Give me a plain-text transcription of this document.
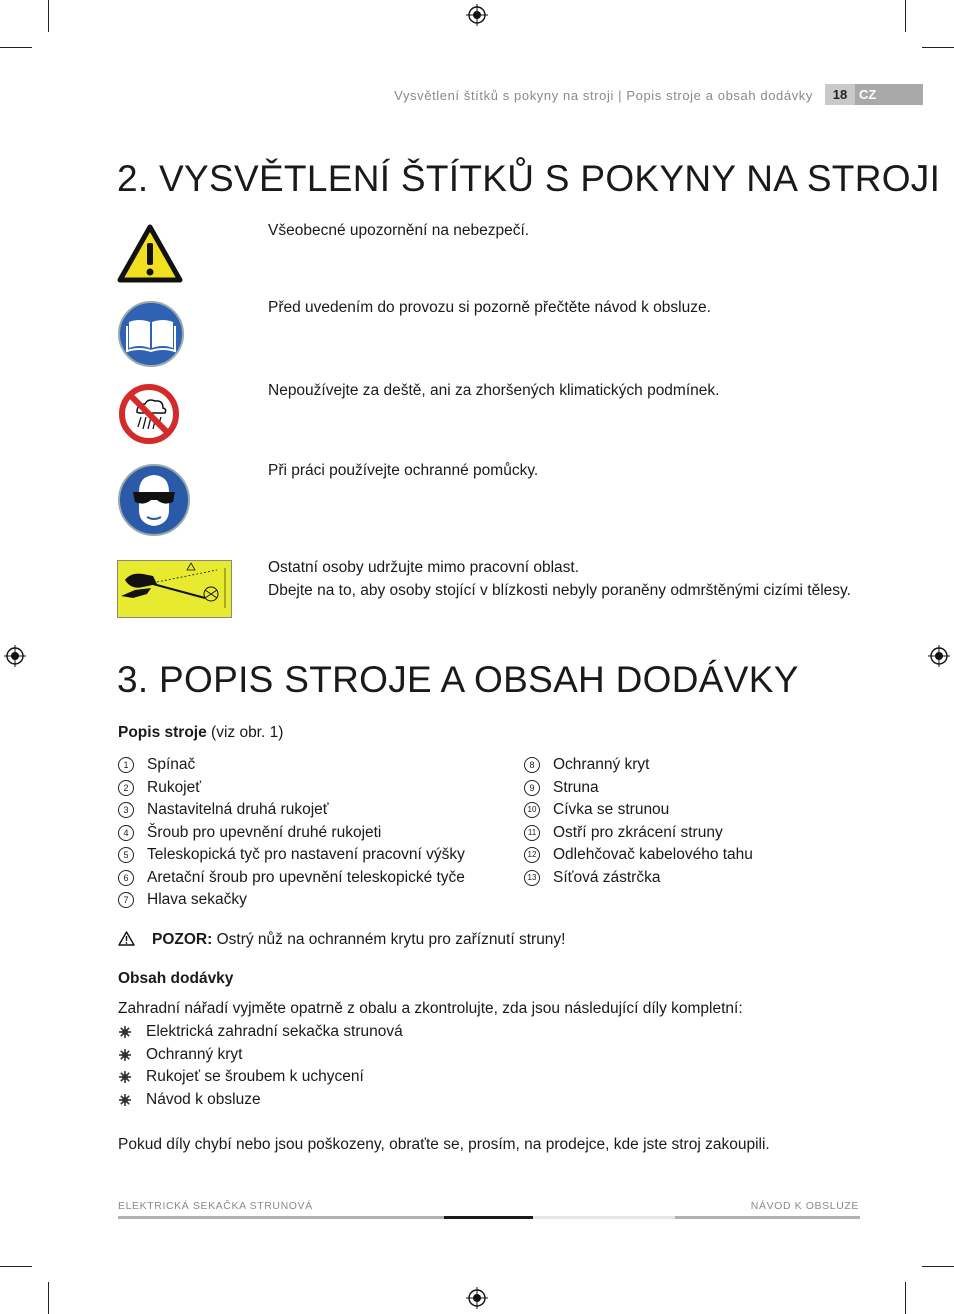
Vysvětlení štítků s pokyny na stroji | Popis stroje a obsah dodávky	18 CZ
2. VYSVĚTLENÍ ŠTÍTKŮ S POKYNY NA STROJI

Všeobecné upozornění na nebezpečí.

Před uvedením do provozu si pozorně přečtěte návod k obsluze.

Nepoužívejte za deště, ani za zhoršených klimatických podmínek.

Při práci používejte ochranné pomůcky.

Ostatní osoby udržujte mimo pracovní oblast.

Dbejte na to, aby osoby stojící v blízkosti nebyly poraněny odmrštěnými cizími tělesy.

3. POPIS STROJE A OBSAH DODÁVKY
Popis stroje (viz obr. 1)
1	Spínač
2	Rukojeť
3	Nastavitelná druhá rukojeť
4	Šroub pro upevnění druhé rukojeti
5	Teleskopická tyč pro nastavení pracovní výšky
6	Aretační šroub pro upevnění teleskopické tyče
7	Hlava sekačky
8	Ochranný kryt
9	Struna
10 Cívka se strunou
11 Ostří pro zkrácení struny
12 Odlehčovač kabelového tahu
13 Síťová zástrčka
POZOR: Ostrý nůž na ochranném krytu pro zaříznutí struny!
Obsah dodávky
Zahradní nářadí vyjměte opatrně z obalu a zkontrolujte, zda jsou následující díly kompletní:
Elektrická zahradní sekačka strunová
Ochranný kryt
Rukojeť se šroubem k uchycení
Návod k obsluze
Pokud díly chybí nebo jsou poškozeny, obraťte se, prosím, na prodejce, kde jste stroj zakoupili.
ELEKTRICKÁ SEKAČKA STRUNOVÁ	NÁVOD K OBSLUZE
